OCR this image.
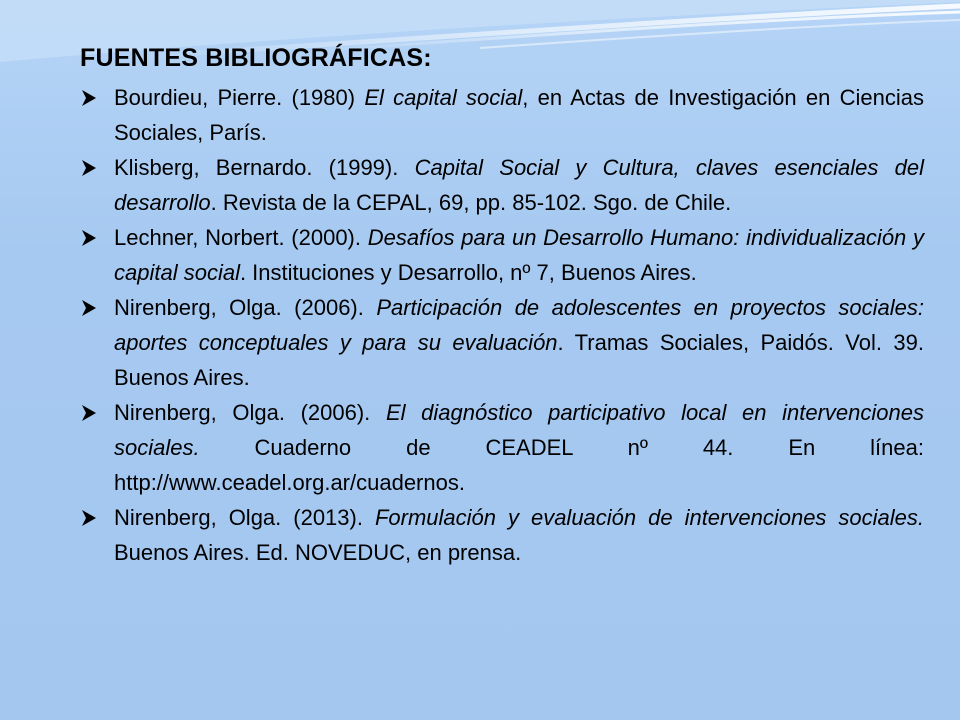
FUENTES BIBLIOGRÁFICAS:
Bourdieu, Pierre. (1980) El capital social, en Actas de Investigación en Ciencias Sociales, París.
Klisberg, Bernardo. (1999). Capital Social y Cultura, claves esenciales del desarrollo. Revista de la CEPAL, 69, pp. 85-102. Sgo. de Chile.
Lechner, Norbert. (2000). Desafíos para un Desarrollo Humano: individualización y capital social. Instituciones y Desarrollo, nº 7, Buenos Aires.
Nirenberg, Olga. (2006). Participación de adolescentes en proyectos sociales: aportes conceptuales y para su evaluación. Tramas Sociales, Paidós. Vol. 39. Buenos Aires.
Nirenberg, Olga. (2006). El diagnóstico participativo local en intervenciones sociales. Cuaderno de CEADEL nº 44. En línea: http://www.ceadel.org.ar/cuadernos.
Nirenberg, Olga. (2013). Formulación y evaluación de intervenciones sociales. Buenos Aires. Ed. NOVEDUC, en prensa.
